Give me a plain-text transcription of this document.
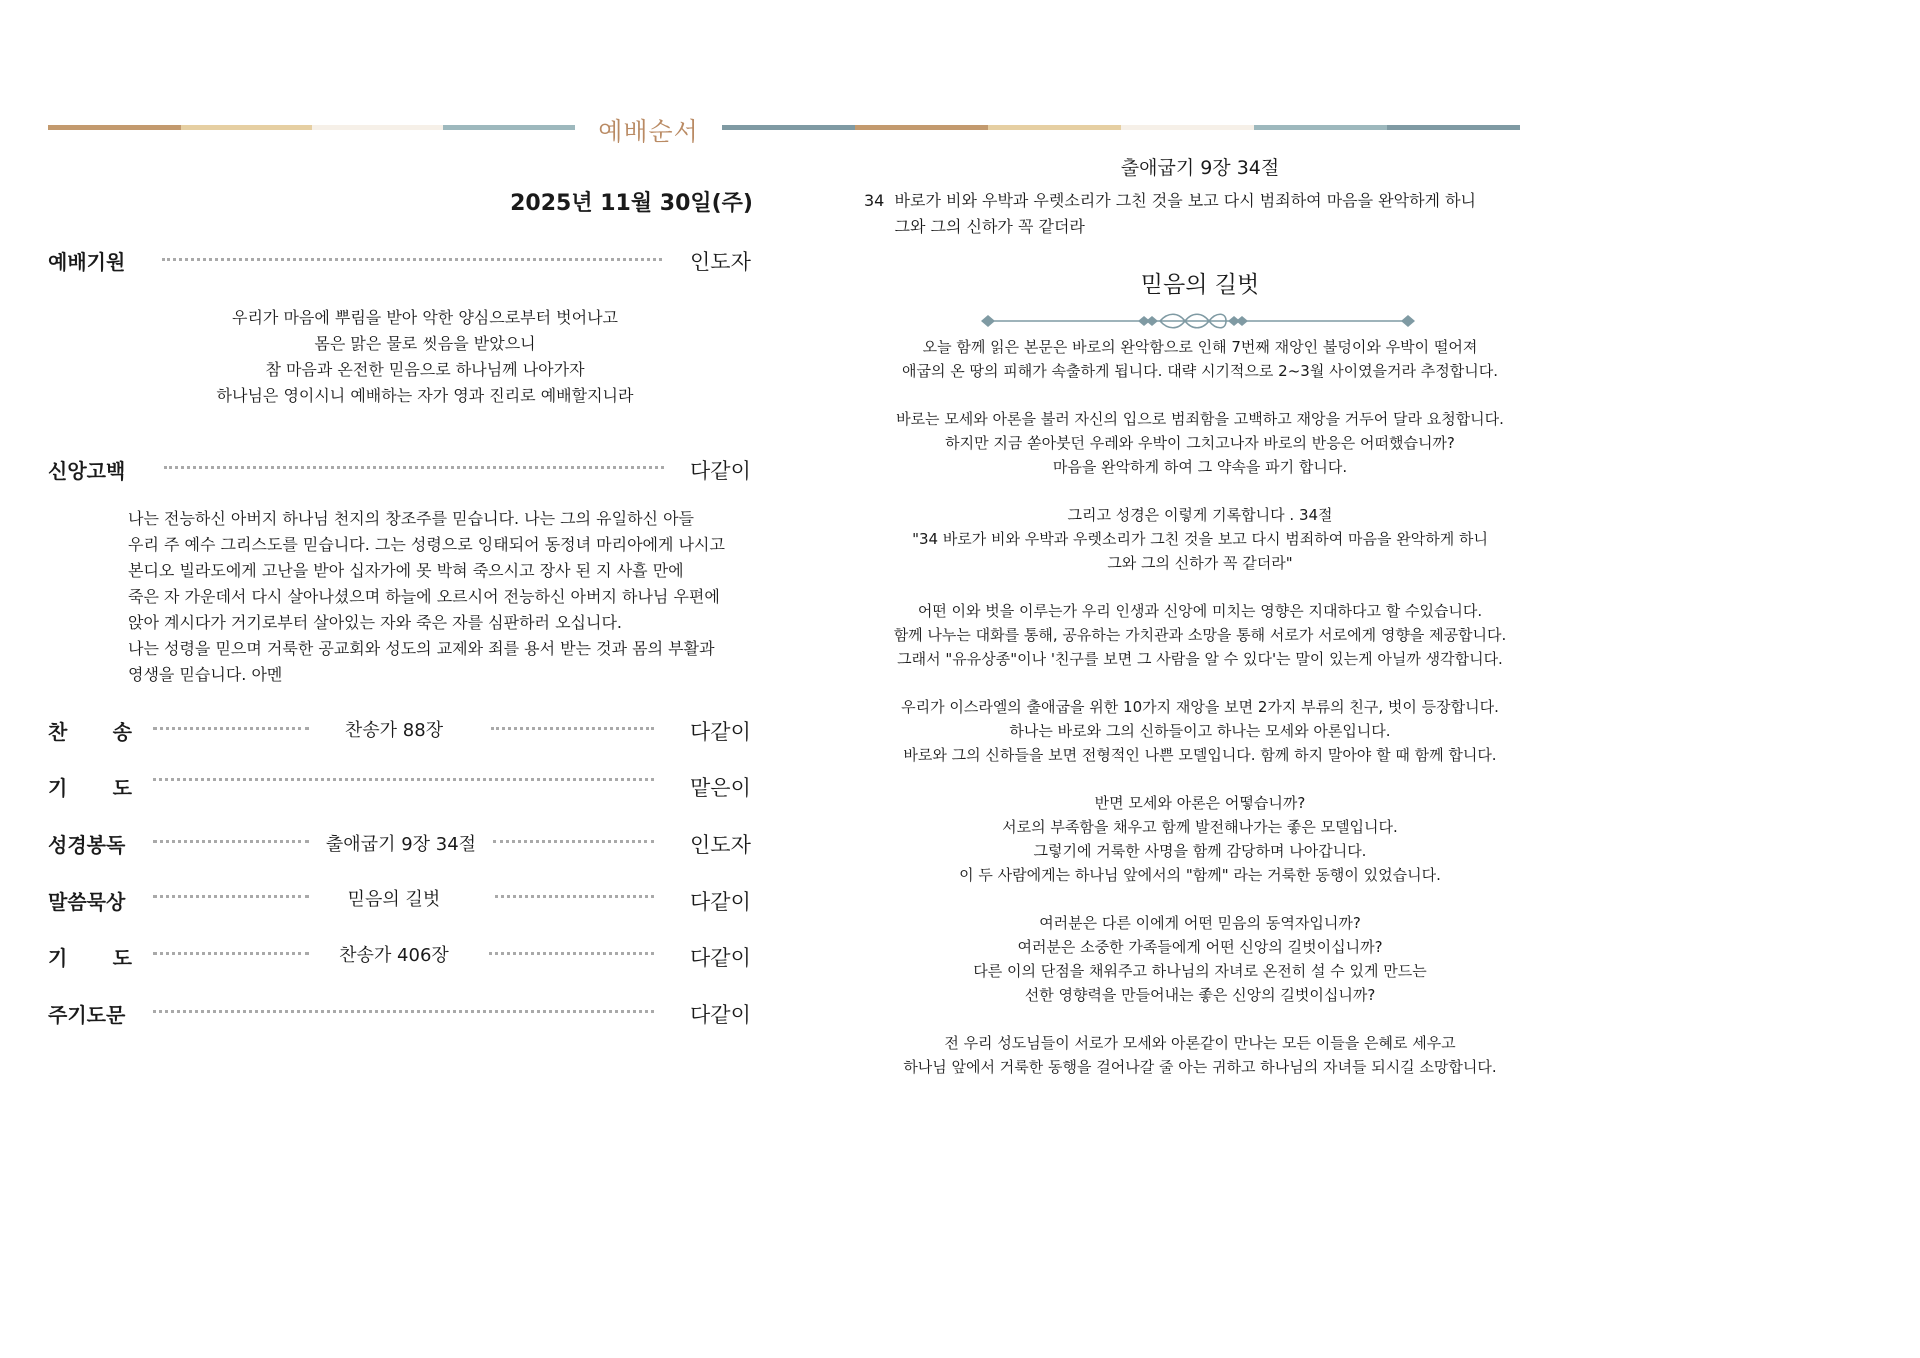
예배순서
2025년 11월 30일(주)
예배기원	인도자
우리가 마음에 뿌림을 받아 악한 양심으로부터 벗어나고
몸은 맑은 물로 씻음을 받았으니
참 마음과 온전한 믿음으로 하나님께 나아가자
하나님은 영이시니 예배하는 자가 영과 진리로 예배할지니라
신앙고백	다같이
나는 전능하신 아버지 하나님 천지의 창조주를 믿습니다. 나는 그의 유일하신 아들
우리 주 예수 그리스도를 믿습니다. 그는 성령으로 잉태되어 동정녀 마리아에게 나시고
본디오 빌라도에게 고난을 받아 십자가에 못 박혀 죽으시고 장사 된 지 사흘 만에
죽은 자 가운데서 다시 살아나셨으며 하늘에 오르시어 전능하신 아버지 하나님 우편에
앉아 계시다가 거기로부터 살아있는 자와 죽은 자를 심판하러 오십니다.
나는 성령을 믿으며 거룩한 공교회와 성도의 교제와 죄를 용서 받는 것과 몸의 부활과
영생을 믿습니다. 아멘
찬 송	찬송가 88장	다같이
기 도	맡은이
성경봉독	출애굽기 9장 34절	인도자
말씀묵상	믿음의 길벗	다같이
기 도	찬송가 406장	다같이
주기도문	다같이
출애굽기 9장 34절
34  바로가 비와 우박과 우렛소리가 그친 것을 보고 다시 범죄하여 마음을 완악하게 하니
그와 그의 신하가 꼭 같더라
믿음의 길벗
오늘 함께 읽은 본문은 바로의 완악함으로 인해 7번째 재앙인 불덩이와 우박이 떨어져
애굽의 온 땅의 피해가 속출하게 됩니다. 대략 시기적으로 2~3월 사이였을거라 추정합니다.
바로는 모세와 아론을 불러 자신의 입으로 범죄함을 고백하고 재앙을 거두어 달라 요청합니다.
하지만 지금 쏟아붓던 우레와 우박이 그치고나자 바로의 반응은 어떠했습니까?
마음을 완악하게 하여 그 약속을 파기 합니다.
그리고 성경은 이렇게 기록합니다 . 34절
"34 바로가 비와 우박과 우렛소리가 그친 것을 보고 다시 범죄하여 마음을 완악하게 하니
그와 그의 신하가 꼭 같더라"
어떤 이와 벗을 이루는가 우리 인생과 신앙에 미치는 영향은 지대하다고 할 수있습니다.
함께 나누는 대화를 통해, 공유하는 가치관과 소망을 통해 서로가 서로에게 영향을 제공합니다.
그래서 "유유상종"이나 '친구를 보면 그 사람을 알 수 있다'는 말이 있는게 아닐까 생각합니다.
우리가 이스라엘의 출애굽을 위한 10가지 재앙을 보면 2가지 부류의 친구, 벗이 등장합니다.
하나는 바로와 그의 신하들이고 하나는 모세와 아론입니다.
바로와 그의 신하들을 보면 전형적인 나쁜 모델입니다. 함께 하지 말아야 할 때 함께 합니다.
반면 모세와 아론은 어떻습니까?
서로의 부족함을 채우고 함께 발전해나가는 좋은 모델입니다.
그렇기에 거룩한 사명을 함께 감당하며 나아갑니다.
이 두 사람에게는 하나님 앞에서의 "함께" 라는 거룩한 동행이 있었습니다.
여러분은 다른 이에게 어떤 믿음의 동역자입니까?
여러분은 소중한 가족들에게 어떤 신앙의 길벗이십니까?
다른 이의 단점을 채워주고 하나님의 자녀로 온전히 설 수 있게 만드는
선한 영향력을 만들어내는 좋은 신앙의 길벗이십니까?
전 우리 성도님들이 서로가 모세와 아론같이 만나는 모든 이들을 은혜로 세우고
하나님 앞에서 거룩한 동행을 걸어나갈 줄 아는 귀하고 하나님의 자녀들 되시길 소망합니다.
